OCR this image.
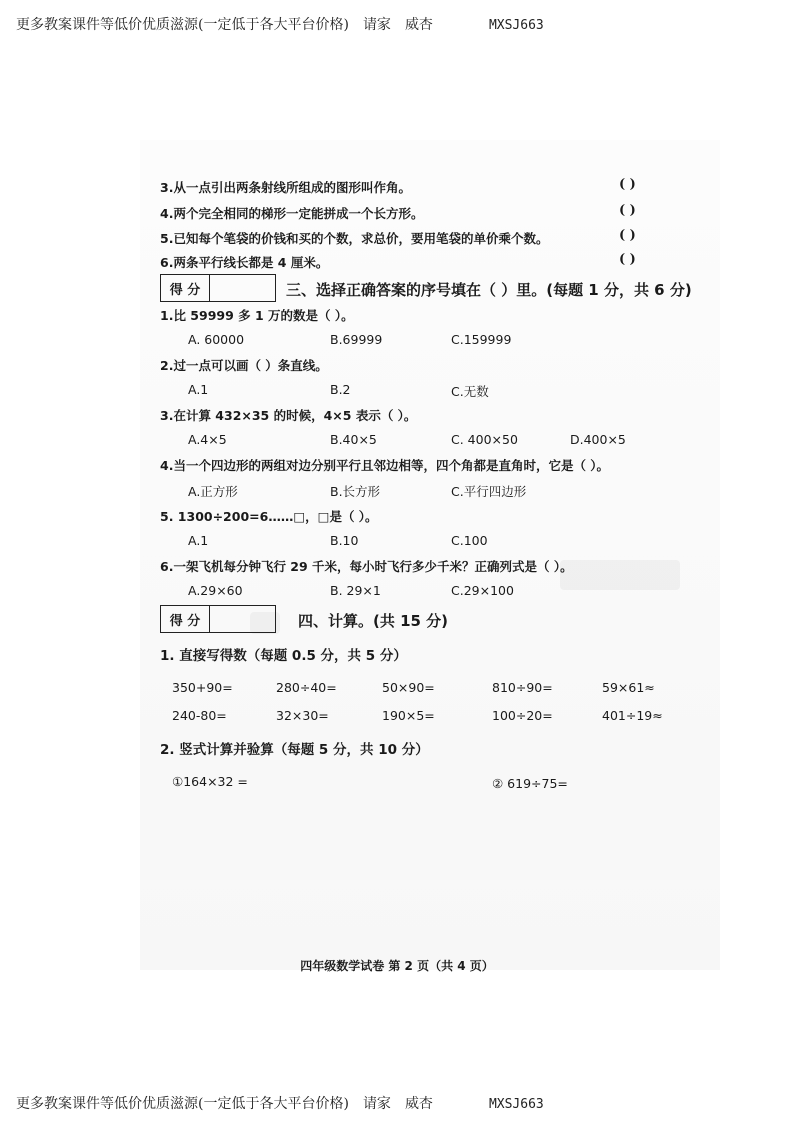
更多教案课件等低价优质滋源(一定低于各大平台价格) 请家 威杏	MXSJ663
3.从一点引出两条射线所组成的图形叫作角。	( )
4.两个完全相同的梯形一定能拼成一个长方形。	( )
5.已知每个笔袋的价钱和买的个数，求总价，要用笔袋的单价乘个数。	( )
6.两条平行线长都是 4 厘米。	( )
得 分	三、选择正确答案的序号填在（ ）里。(每题 1 分，共 6 分)
1.比 59999 多 1 万的数是（ ）。
A. 60000	B.69999	C.159999
2.过一点可以画（ ）条直线。
A.1	B.2	C.无数
3.在计算 432×35 的时候，4×5 表示（ ）。
A.4×5	B.40×5	C. 400×50	D.400×5
4.当一个四边形的两组对边分别平行且邻边相等，四个角都是直角时，它是（ ）。
A.正方形	B.长方形	C.平行四边形
5. 1300÷200=6……□，□是（ ）。
A.1	B.10	C.100
6.一架飞机每分钟飞行 29 千米，每小时飞行多少千米？正确列式是（ ）。
A.29×60	B. 29×1	C.29×100
得 分	四、计算。(共 15 分)
1. 直接写得数（每题 0.5 分，共 5 分）
350+90=	280÷40=	50×90=	810÷90=	59×61≈
240-80=	32×30=	190×5=	100÷20=	401÷19≈
2. 竖式计算并验算（每题 5 分，共 10 分）
①164×32 =	② 619÷75=
四年级数学试卷 第 2 页（共 4 页）
更多教案课件等低价优质滋源(一定低于各大平台价格) 请家 威杏	MXSJ663
